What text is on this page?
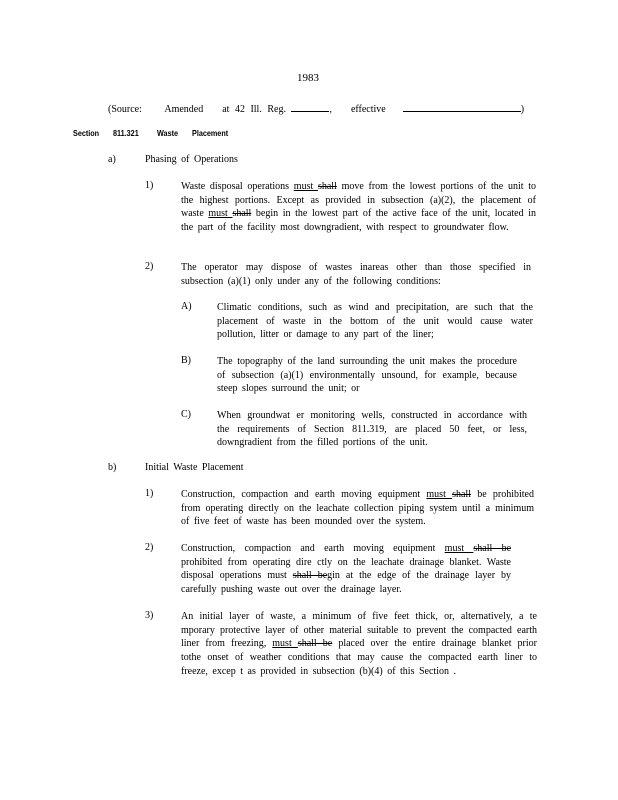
1983
(Source: Amended at 42 Ill. Reg.	, effective	)
Section 811.321 Waste Placement
a)	Phasing of Operations
1)	Waste disposal operations must shall move from the lowest portions of the unit to the highest portions. Except as provided in subsection (a)(2), the placement of waste must shall begin in the lowest part of the active face of the unit, located in the part of the facility most downgradient, with respect to groundwater flow.
2)	The operator may dispose of wastes inareas other than those specified in subsection (a)(1) only under any of the following conditions:
A)	Climatic conditions, such as wind and precipitation, are such that the placement of waste in the bottom of the unit would cause water pollution, litter or damage to any part of the liner;
B)	The topography of the land surrounding the unit makes the procedure of subsection (a)(1) environmentally unsound, for example, because steep slopes surround the unit; or
C)	When groundwat er monitoring wells, constructed in accordance with the requirements of Section 811.319, are placed 50 feet, or less, downgradient from the filled portions of the unit.
b)	Initial Waste Placement
1)	Construction, compaction and earth moving equipment must shall be prohibited from operating directly on the leachate collection piping system until a minimum of five feet of waste has been mounded over the system.
2)	Construction, compaction and earth moving equipment must shall be prohibited from operating dire ctly on the leachate drainage blanket. Waste disposal operations must shall begin at the edge of the drainage layer by carefully pushing waste out over the drainage layer.
3)	An initial layer of waste, a minimum of five feet thick, or, alternatively, a te mporary protective layer of other material suitable to prevent the compacted earth liner from freezing, must shall be placed over the entire drainage blanket prior tothe onset of weather conditions that may cause the compacted earth liner to freeze, excep t as provided in subsection (b)(4) of this Section .
